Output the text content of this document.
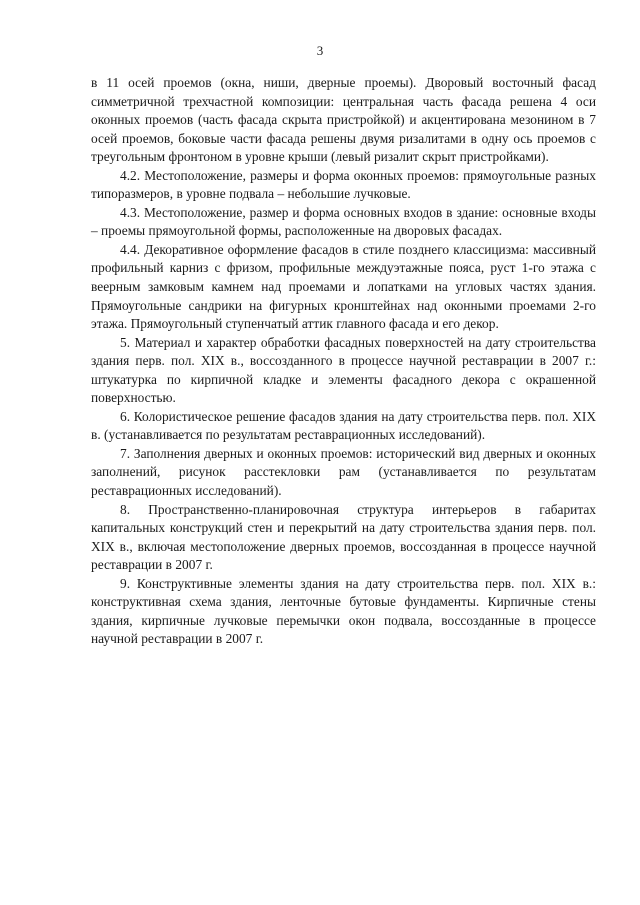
3

в 11 осей проемов (окна, ниши, дверные проемы). Дворовый восточный фасад симметричной трехчастной композиции: центральная часть фасада решена 4 оси оконных проемов (часть фасада скрыта пристройкой) и акцентирована мезонином в 7 осей проемов, боковые части фасада решены двумя ризалитами в одну ось проемов с треугольным фронтоном в уровне крыши (левый ризалит скрыт пристройками).

4.2. Местоположение, размеры и форма оконных проемов: прямоугольные разных типоразмеров, в уровне подвала – небольшие лучковые.

4.3. Местоположение, размер и форма основных входов в здание: основные входы – проемы прямоугольной формы, расположенные на дворовых фасадах.

4.4. Декоративное оформление фасадов в стиле позднего классицизма: массивный профильный карниз с фризом, профильные междуэтажные пояса, руст 1-го этажа с веерным замковым камнем над проемами и лопатками на угловых частях здания. Прямоугольные сандрики на фигурных кронштейнах над оконными проемами 2-го этажа. Прямоугольный ступенчатый аттик главного фасада и его декор.

5. Материал и характер обработки фасадных поверхностей на дату строительства здания перв. пол. XIX в., воссозданного в процессе научной реставрации в 2007 г.: штукатурка по кирпичной кладке и элементы фасадного декора с окрашенной поверхностью.

6. Колористическое решение фасадов здания на дату строительства перв. пол. XIX в. (устанавливается по результатам реставрационных исследований).

7. Заполнения дверных и оконных проемов: исторический вид дверных и оконных заполнений, рисунок расстекловки рам (устанавливается по результатам реставрационных исследований).

8. Пространственно-планировочная структура интерьеров в габаритах капитальных конструкций стен и перекрытий на дату строительства здания перв. пол. XIX в., включая местоположение дверных проемов, воссозданная в процессе научной реставрации в 2007 г.

9. Конструктивные элементы здания на дату строительства перв. пол. XIX в.: конструктивная схема здания, ленточные бутовые фундаменты. Кирпичные стены здания, кирпичные лучковые перемычки окон подвала, воссозданные в процессе научной реставрации в 2007 г.
